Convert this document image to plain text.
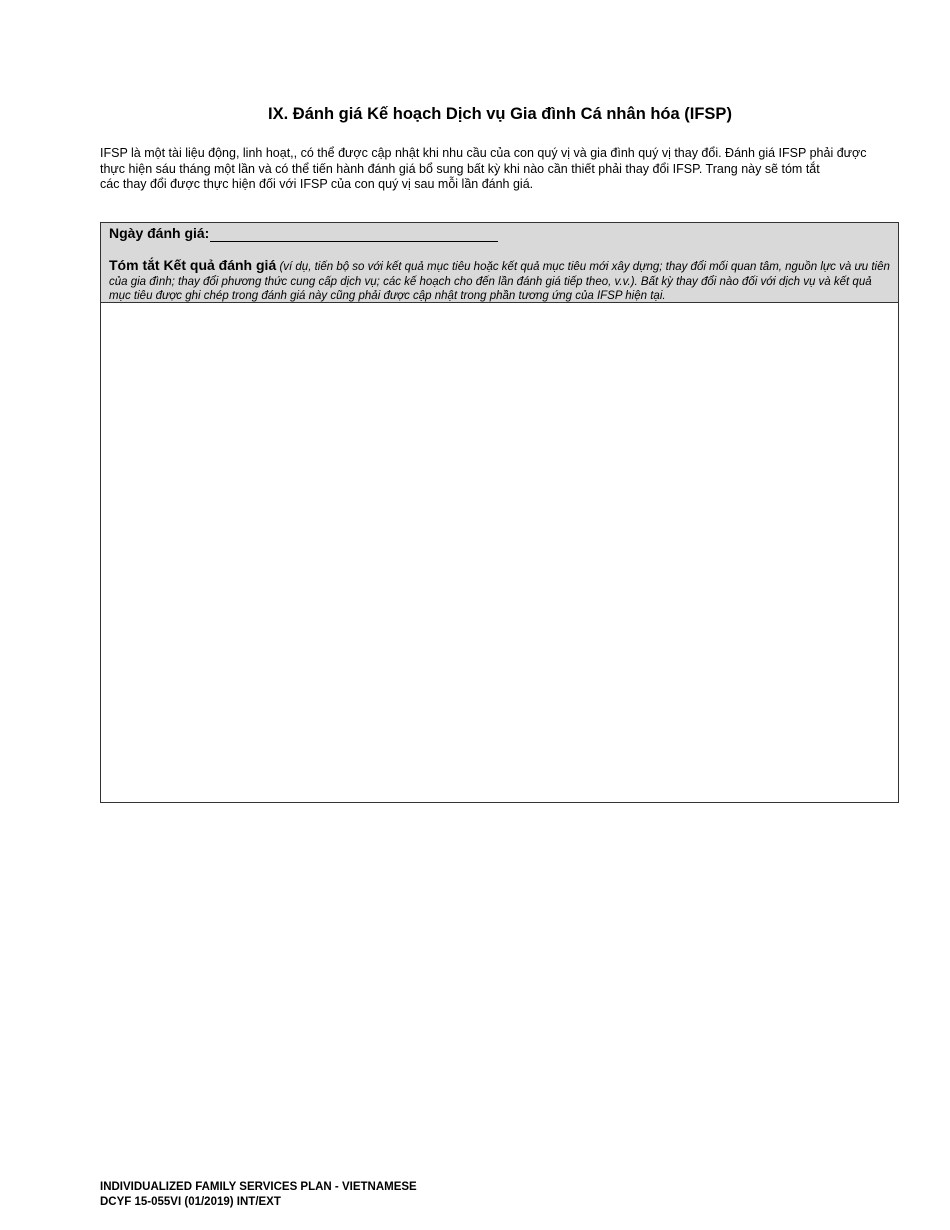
IX. Đánh giá Kế hoạch Dịch vụ Gia đình Cá nhân hóa (IFSP)

IFSP là một tài liệu động, linh hoạt,, có thể được cập nhật khi nhu cầu của con quý vị và gia đình quý vị thay đổi. Đánh giá IFSP phải được thực hiện sáu tháng một lần và có thể tiến hành đánh giá bổ sung bất kỳ khi nào cần thiết phải thay đổi IFSP. Trang này sẽ tóm tắt

các thay đổi được thực hiện đối với IFSP của con quý vị sau mỗi lần đánh giá.

Ngày đánh giá:
Tóm tắt Kết quả đánh giá (ví dụ, tiến bộ so với kết quả mục tiêu hoặc kết quả mục tiêu mới xây dựng; thay đổi mối quan tâm, nguồn lực và ưu tiên của gia đình; thay đổi phương thức cung cấp dịch vụ; các kế hoạch cho đến lần đánh giá tiếp theo, v.v.). Bất kỳ thay đổi nào đối với dịch vụ và kết quả mục tiêu được ghi chép trong đánh giá này cũng phải được cập nhật trong phần tương ứng của IFSP hiện tại.
INDIVIDUALIZED FAMILY SERVICES PLAN - VIETNAMESE
DCYF 15-055VI (01/2019) INT/EXT
